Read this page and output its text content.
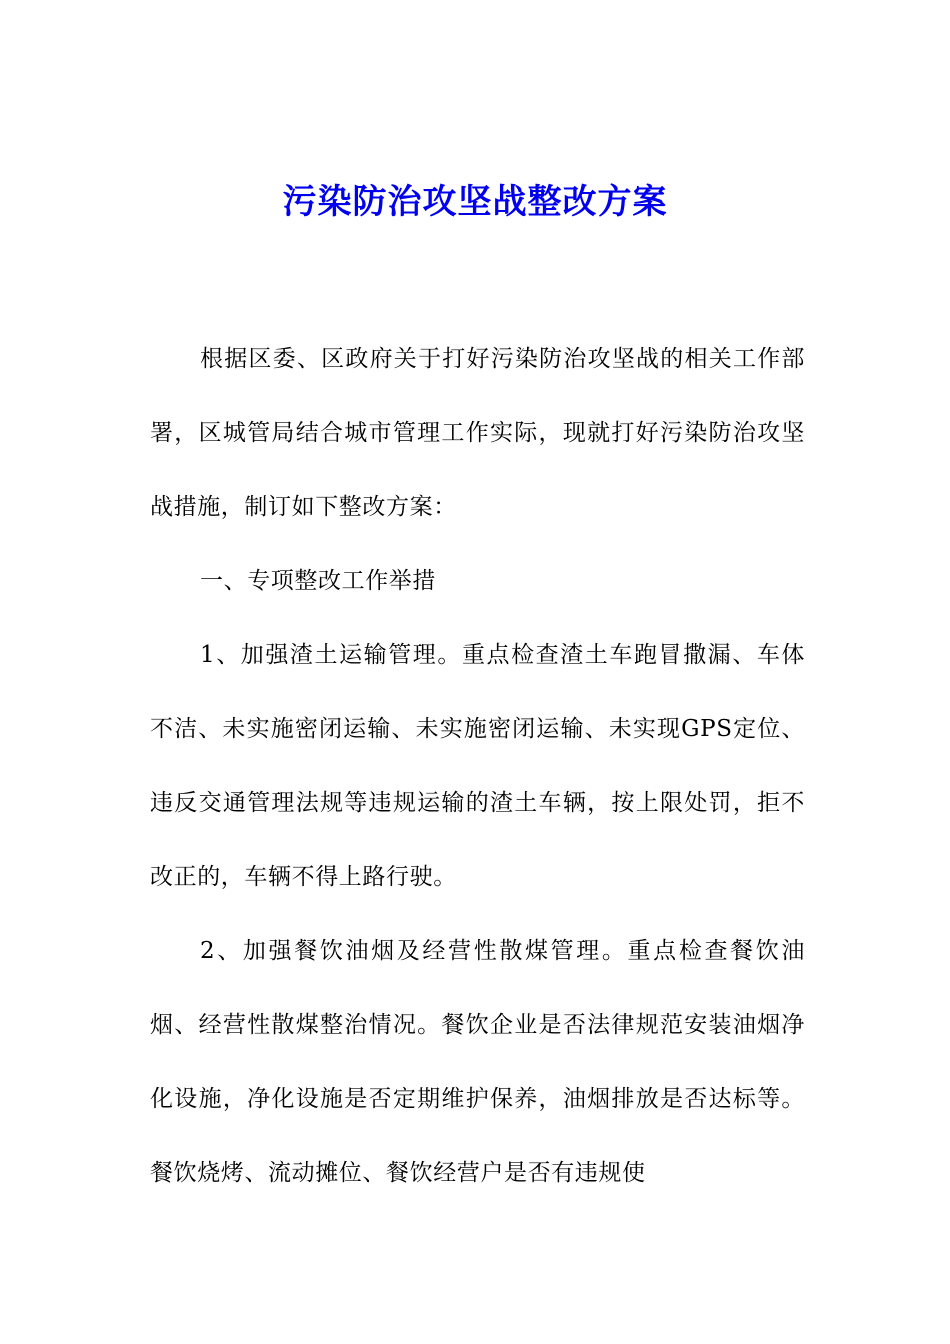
污染防治攻坚战整改方案

根据区委、区政府关于打好污染防治攻坚战的相关工作部署，区城管局结合城市管理工作实际，现就打好污染防治攻坚战措施，制订如下整改方案：

一、专项整改工作举措

1、加强渣土运输管理。重点检查渣土车跑冒撒漏、车体不洁、未实施密闭运输、未实施密闭运输、未实现GPS定位、违反交通管理法规等违规运输的渣土车辆，按上限处罚，拒不改正的，车辆不得上路行驶。

2、加强餐饮油烟及经营性散煤管理。重点检查餐饮油烟、经营性散煤整治情况。餐饮企业是否法律规范安装油烟净化设施，净化设施是否定期维护保养，油烟排放是否达标等。餐饮烧烤、流动摊位、餐饮经营户是否有违规使
